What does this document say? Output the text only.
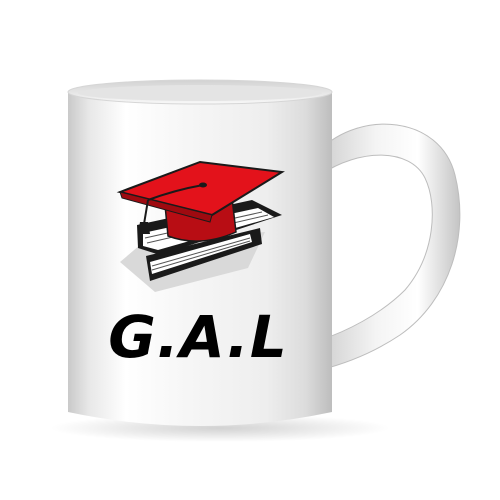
G.A.L
